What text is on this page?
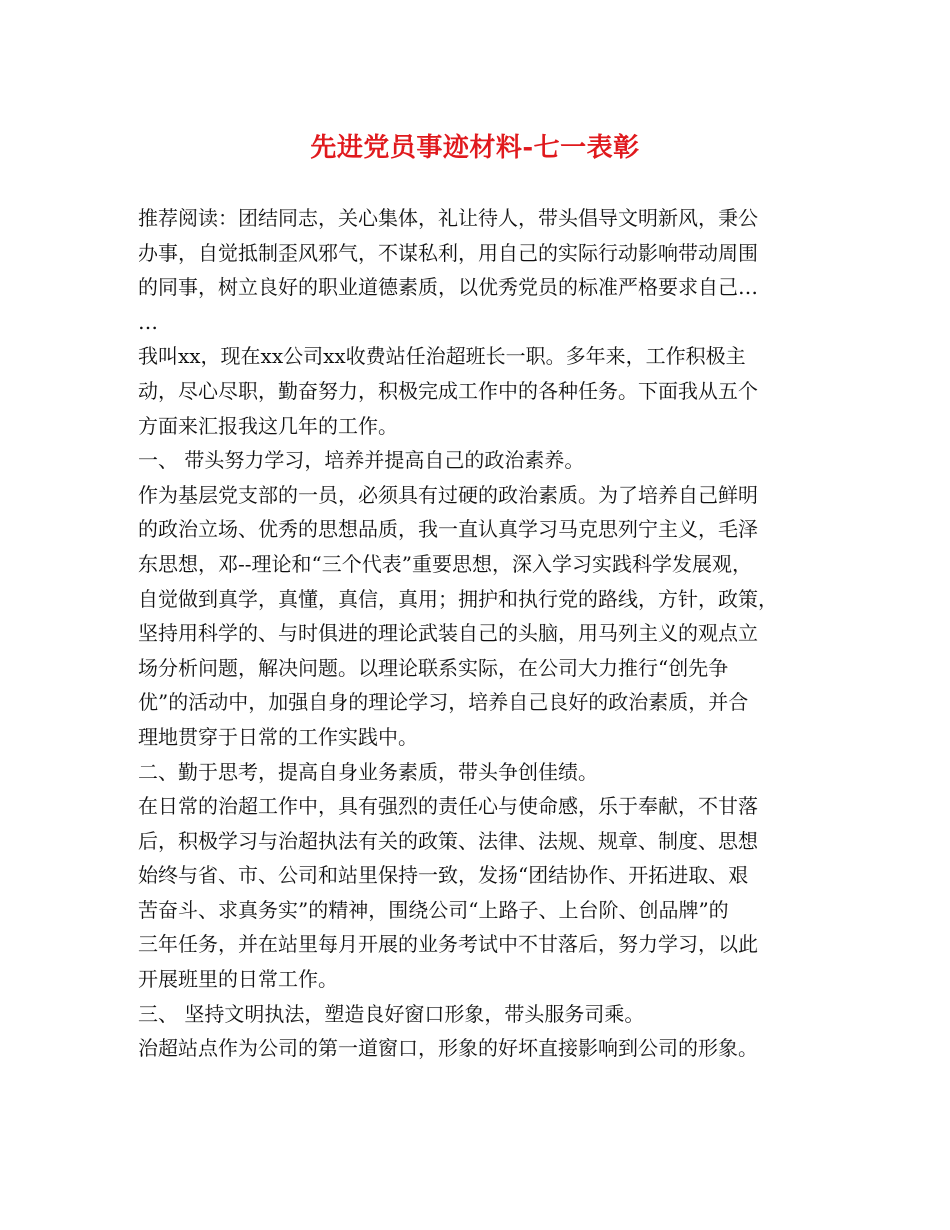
先进党员事迹材料-七一表彰
推荐阅读：团结同志，关心集体，礼让待人，带头倡导文明新风，秉公
办事，自觉抵制歪风邪气，不谋私利，用自己的实际行动影响带动周围
的同事，树立良好的职业道德素质，以优秀党员的标准严格要求自己…
…
我叫xx，现在xx公司xx收费站任治超班长一职。多年来，工作积极主
动，尽心尽职，勤奋努力，积极完成工作中的各种任务。下面我从五个
方面来汇报我这几年的工作。
一、 带头努力学习，培养并提高自己的政治素养。
作为基层党支部的一员，必须具有过硬的政治素质。为了培养自己鲜明
的政治立场、优秀的思想品质，我一直认真学习马克思列宁主义，毛泽
东思想，邓--理论和“三个代表”重要思想，深入学习实践科学发展观，
自觉做到真学，真懂，真信，真用；拥护和执行党的路线，方针，政策，
坚持用科学的、与时俱进的理论武装自己的头脑，用马列主义的观点立
场分析问题，解决问题。以理论联系实际，在公司大力推行“创先争
优”的活动中，加强自身的理论学习，培养自己良好的政治素质，并合
理地贯穿于日常的工作实践中。
二、勤于思考，提高自身业务素质，带头争创佳绩。
在日常的治超工作中，具有强烈的责任心与使命感，乐于奉献，不甘落
后，积极学习与治超执法有关的政策、法律、法规、规章、制度、思想
始终与省、市、公司和站里保持一致，发扬“团结协作、开拓进取、艰
苦奋斗、求真务实”的精神，围绕公司“上路子、上台阶、创品牌”的
三年任务，并在站里每月开展的业务考试中不甘落后，努力学习，以此
开展班里的日常工作。
三、 坚持文明执法，塑造良好窗口形象，带头服务司乘。
治超站点作为公司的第一道窗口，形象的好坏直接影响到公司的形象。
